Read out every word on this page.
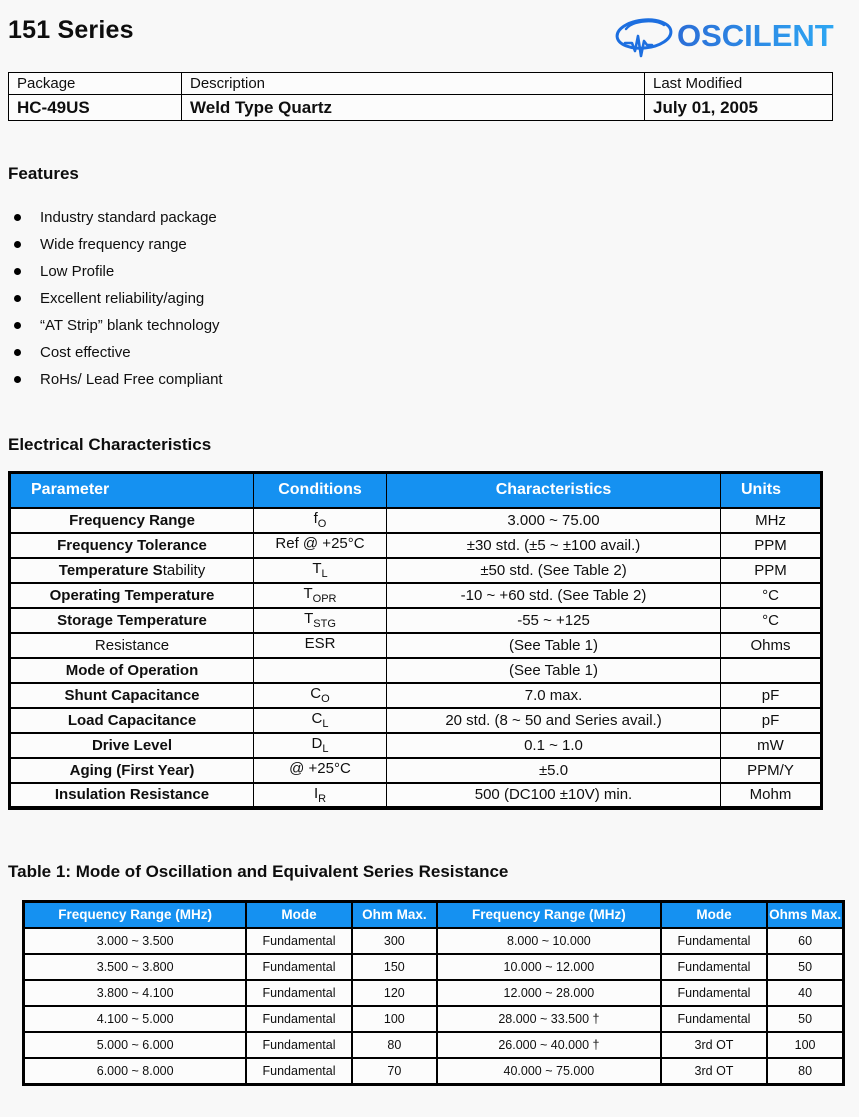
151 Series	OSCILENT
Package	Description	Last Modified
HC-49US	Weld Type Quartz	July 01, 2005
Features
Industry standard package
Wide frequency range
Low Profile
Excellent reliability/aging
“AT Strip” blank technology
Cost effective
RoHs/ Lead Free compliant
Electrical Characteristics
Parameter	Conditions	Characteristics	Units
Frequency Range	$f_O$	3.000 ~ 75.00	MHz
Frequency Tolerance	Ref @ +25°C	±30 std. (±5 ~ ±100 avail.)	PPM
Temperature Stability	$T_L$	±50 std. (See Table 2)	PPM
Operating Temperature	$T_{OPR}$	-10 ~ +60 std. (See Table 2)	°C
Storage Temperature	$T_{STG}$	-55 ~ +125	°C
Resistance	ESR	(See Table 1)	Ohms
Mode of Operation		(See Table 1)	
Shunt Capacitance	$C_O$	7.0 max.	pF
Load Capacitance	$C_L$	20 std. (8 ~ 50 and Series avail.)	pF
Drive Level	$D_L$	0.1 ~ 1.0	mW
Aging (First Year)	@ +25°C	±5.0	PPM/Y
Insulation Resistance	$I_R$	500 (DC100 ±10V) min.	Mohm
Table 1: Mode of Oscillation and Equivalent Series Resistance
Frequency Range (MHz)	Mode	Ohm Max.	Frequency Range (MHz)	Mode	Ohms Max.
3.000 ~ 3.500	Fundamental	300	8.000 ~ 10.000	Fundamental	60
3.500 ~ 3.800	Fundamental	150	10.000 ~ 12.000	Fundamental	50
3.800 ~ 4.100	Fundamental	120	12.000 ~ 28.000	Fundamental	40
4.100 ~ 5.000	Fundamental	100	28.000 ~ 33.500 †	Fundamental	50
5.000 ~ 6.000	Fundamental	80	26.000 ~ 40.000 †	3rd OT	100
6.000 ~ 8.000	Fundamental	70	40.000 ~ 75.000	3rd OT	80
